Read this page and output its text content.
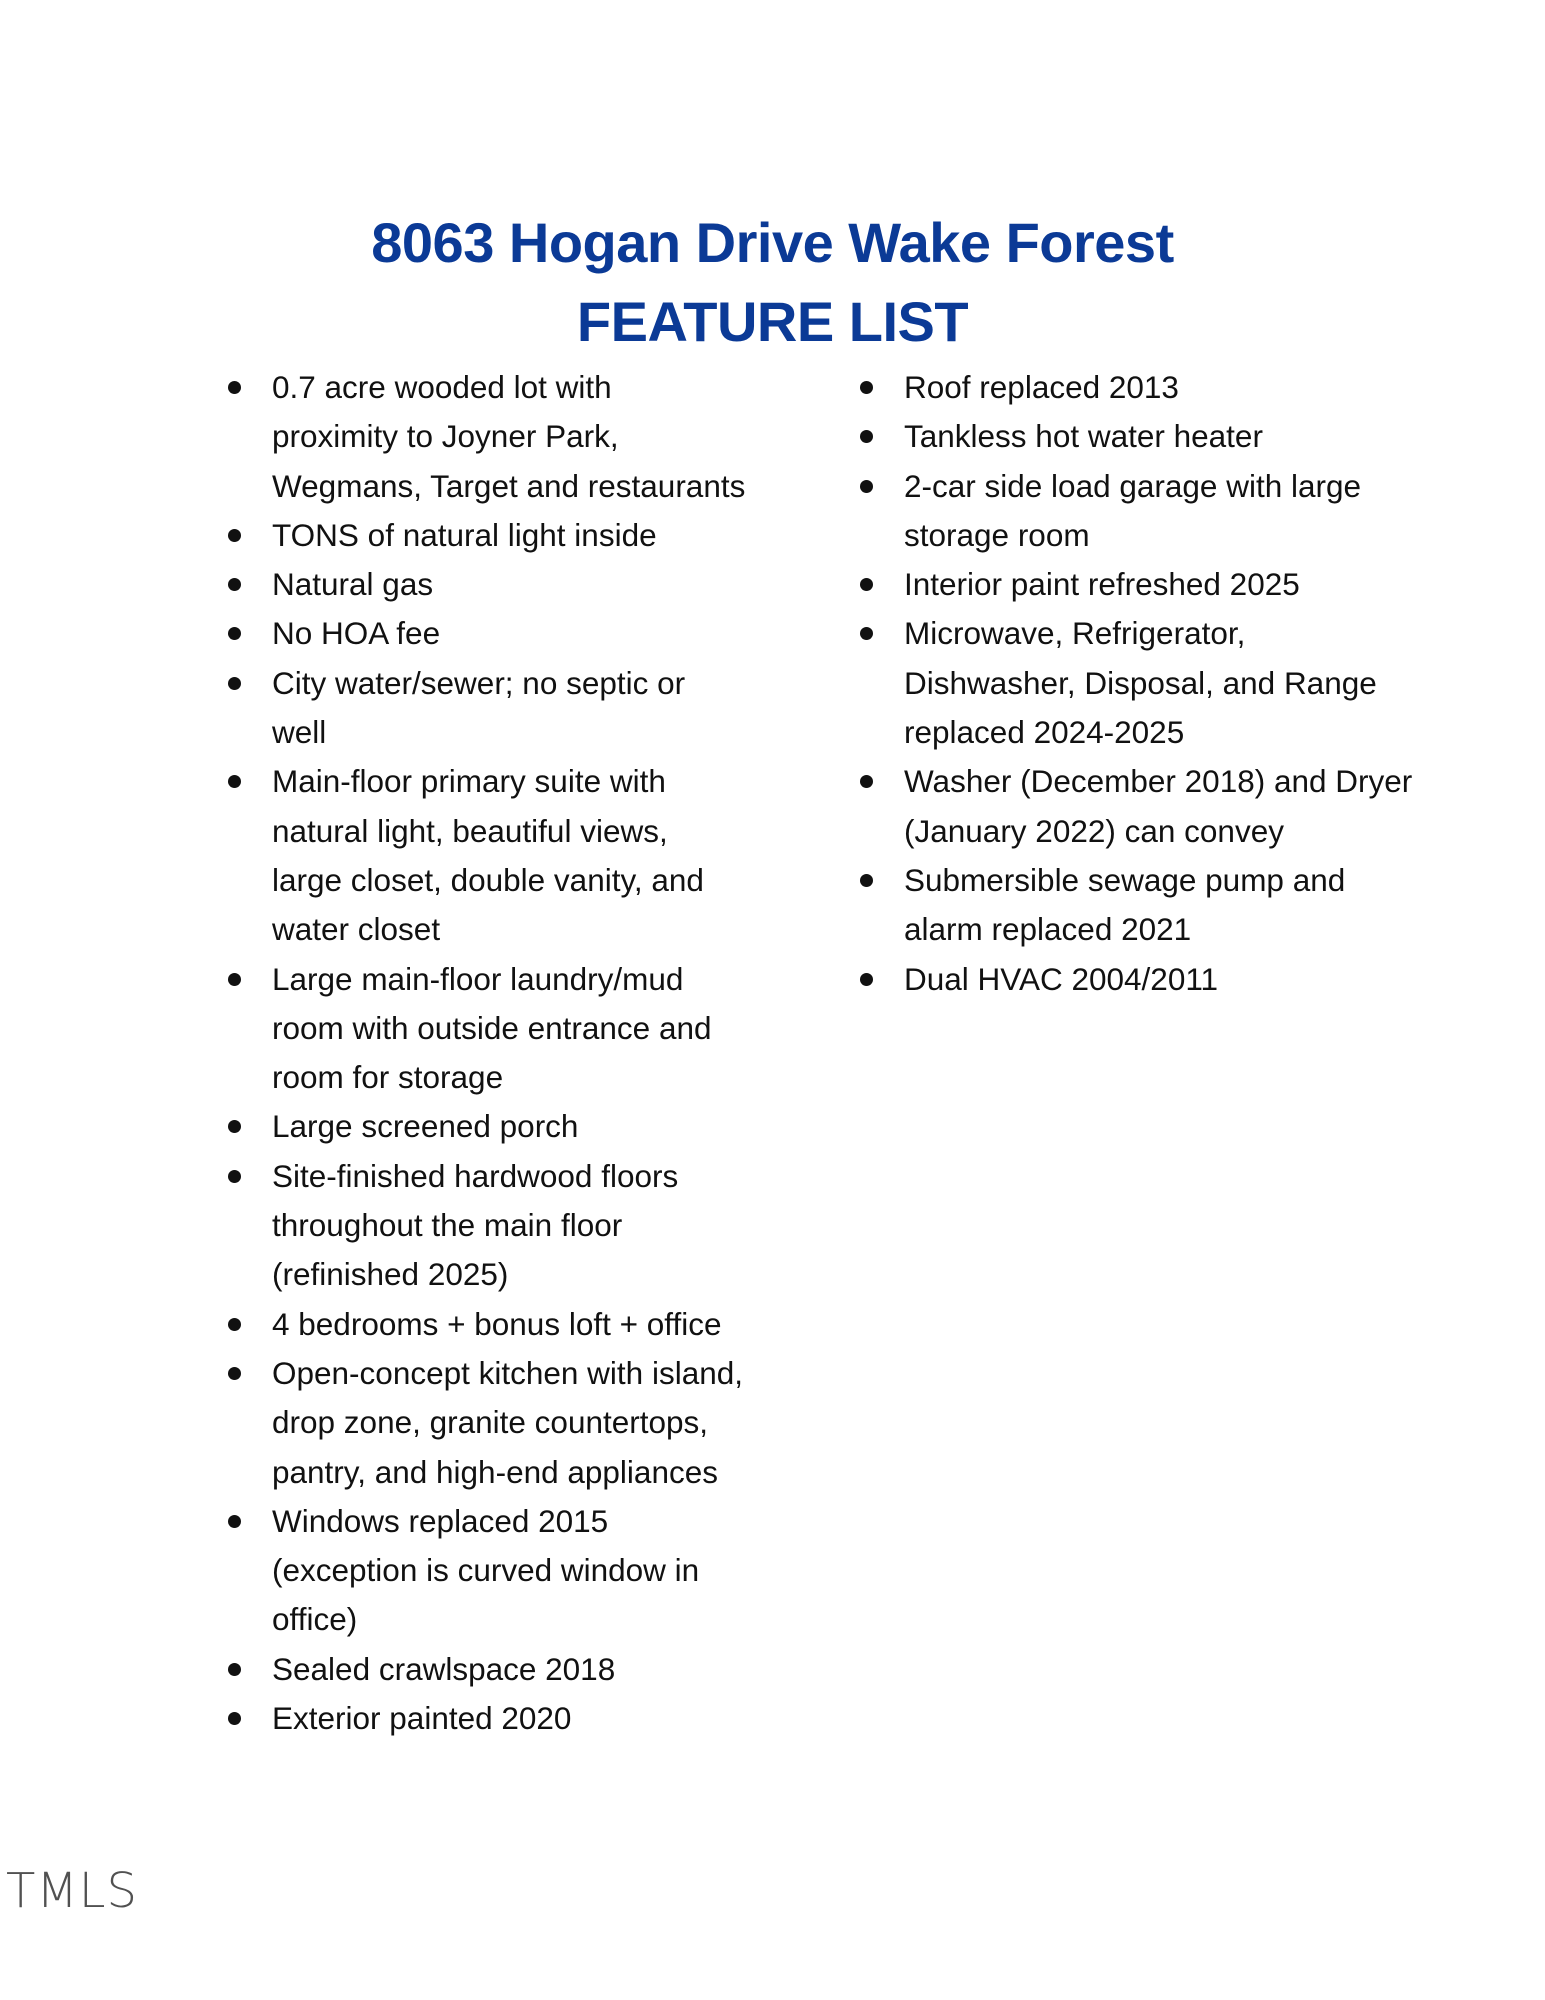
8063 Hogan Drive Wake Forest
FEATURE LIST
0.7 acre wooded lot with proximity to Joyner Park, Wegmans, Target and restaurants
TONS of natural light inside
Natural gas
No HOA fee
City water/sewer; no septic or well
Main-floor primary suite with natural light, beautiful views, large closet, double vanity, and water closet
Large main-floor laundry/mud room with outside entrance and room for storage
Large screened porch
Site-finished hardwood floors throughout the main floor (refinished 2025)
4 bedrooms + bonus loft + office
Open-concept kitchen with island, drop zone, granite countertops, pantry, and high-end appliances
Windows replaced 2015 (exception is curved window in office)
Sealed crawlspace 2018
Exterior painted 2020
Roof replaced 2013
Tankless hot water heater
2-car side load garage with large storage room
Interior paint refreshed 2025
Microwave, Refrigerator, Dishwasher, Disposal, and Range replaced 2024-2025
Washer (December 2018) and Dryer (January 2022) can convey
Submersible sewage pump and alarm replaced 2021
Dual HVAC 2004/2011
TMLS
